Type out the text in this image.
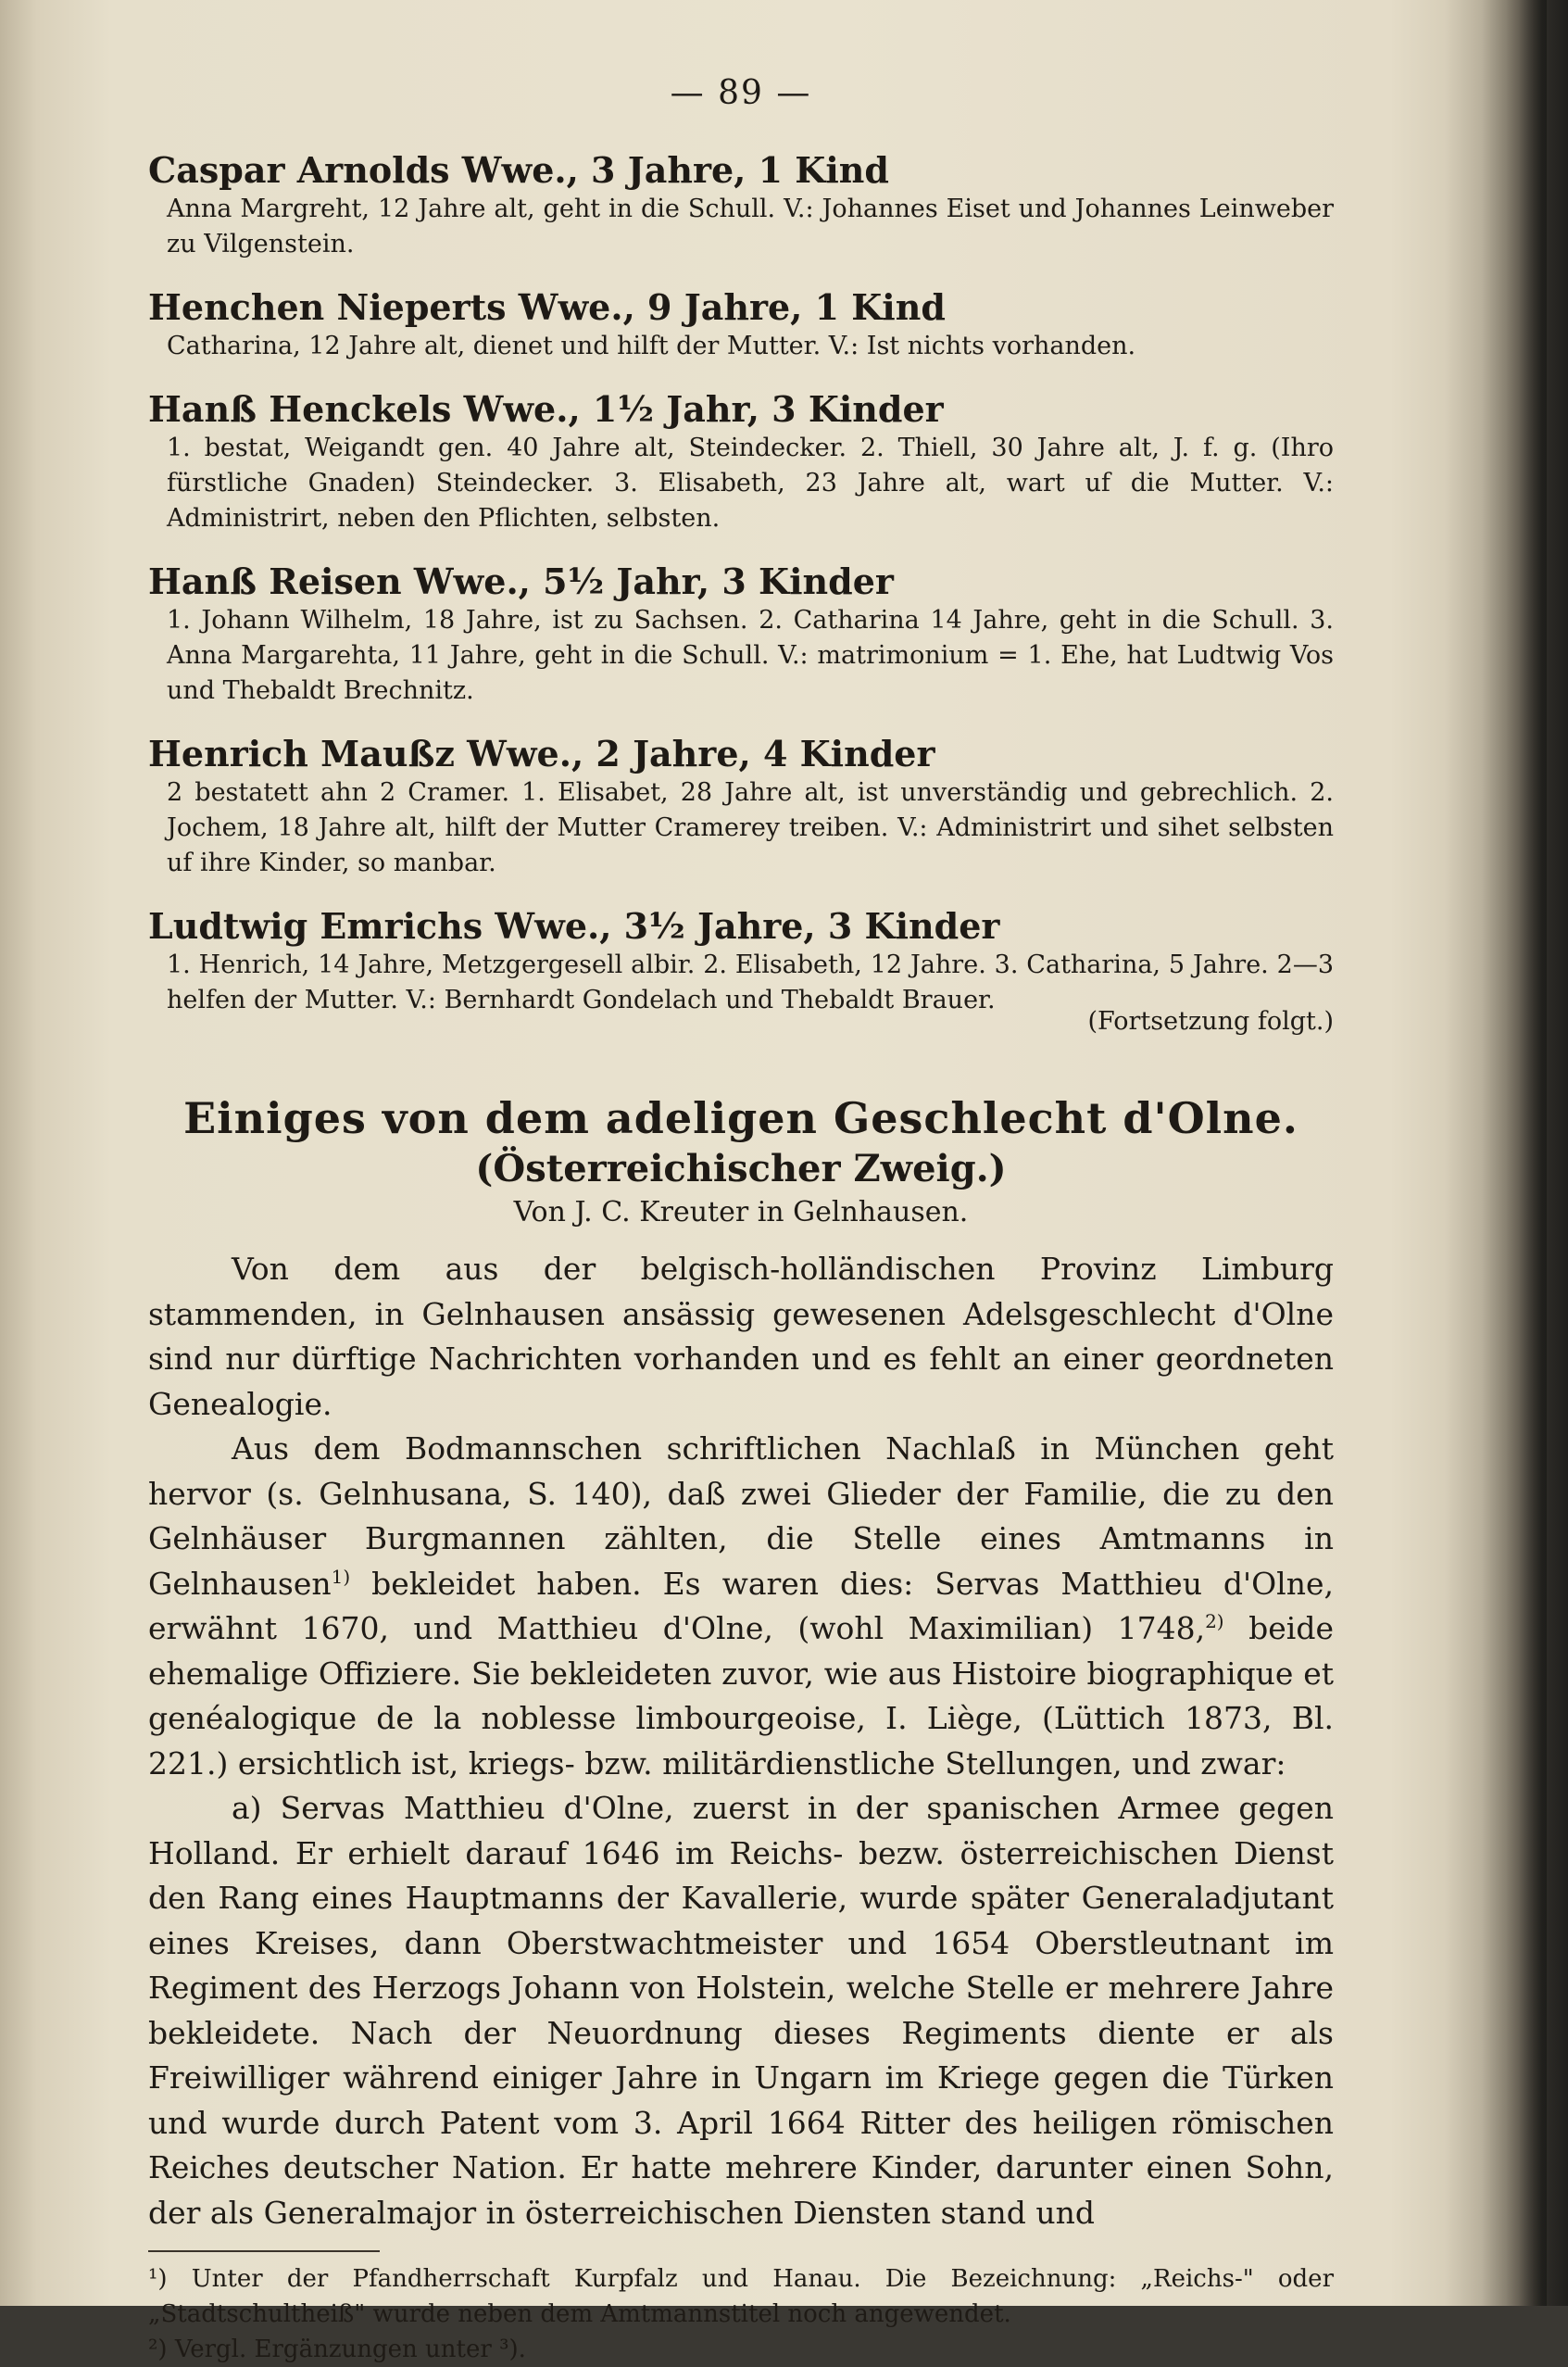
— 89 —
Caspar Arnolds Wwe., 3 Jahre, 1 Kind
Anna Margreht, 12 Jahre alt, geht in die Schull. V.: Johannes Eiset und Johannes Leinweber zu Vilgenstein.
Henchen Nieperts Wwe., 9 Jahre, 1 Kind
Catharina, 12 Jahre alt, dienet und hilft der Mutter. V.: Ist nichts vorhanden.
Hanß Henckels Wwe., 1½ Jahr, 3 Kinder
1. bestat, Weigandt gen. 40 Jahre alt, Steindecker. 2. Thiell, 30 Jahre alt, J. f. g. (Ihro fürstliche Gnaden) Steindecker. 3. Elisabeth, 23 Jahre alt, wart uf die Mutter. V.: Administrirt, neben den Pflichten, selbsten.
Hanß Reisen Wwe., 5½ Jahr, 3 Kinder
1. Johann Wilhelm, 18 Jahre, ist zu Sachsen. 2. Catharina 14 Jahre, geht in die Schull. 3. Anna Margarehta, 11 Jahre, geht in die Schull. V.: matrimonium = 1. Ehe, hat Ludtwig Vos und Thebaldt Brechnitz.
Henrich Maußz Wwe., 2 Jahre, 4 Kinder
2 bestatett ahn 2 Cramer. 1. Elisabet, 28 Jahre alt, ist unverständig und gebrechlich. 2. Jochem, 18 Jahre alt, hilft der Mutter Cramerey treiben. V.: Administrirt und sihet selbsten uf ihre Kinder, so manbar.
Ludtwig Emrichs Wwe., 3½ Jahre, 3 Kinder
1. Henrich, 14 Jahre, Metzgergesell albir. 2. Elisabeth, 12 Jahre. 3. Catharina, 5 Jahre. 2—3 helfen der Mutter. V.: Bernhardt Gondelach und Thebaldt Brauer.
(Fortsetzung folgt.)
Einiges von dem adeligen Geschlecht d'Olne.
(Österreichischer Zweig.)
Von J. C. Kreuter in Gelnhausen.

Von dem aus der belgisch-holländischen Provinz Limburg stammenden, in Gelnhausen ansässig gewesenen Adelsgeschlecht d'Olne sind nur dürftige Nachrichten vorhanden und es fehlt an einer geordneten Genealogie.

Aus dem Bodmannschen schriftlichen Nachlaß in München geht hervor (s. Gelnhusana, S. 140), daß zwei Glieder der Familie, die zu den Gelnhäuser Burgmannen zählten, die Stelle eines Amtmanns in Gelnhausen$^{1)}$ bekleidet haben. Es waren dies: Servas Matthieu d'Olne, erwähnt 1670, und Matthieu d'Olne, (wohl Maximilian) 1748,$^{2)}$ beide ehemalige Offiziere. Sie bekleideten zuvor, wie aus Histoire biographique et genéalogique de la noblesse limbourgeoise, I. Liège, (Lüttich 1873, Bl. 221.) ersichtlich ist, kriegs- bzw. militärdienstliche Stellungen, und zwar:

a) Servas Matthieu d'Olne, zuerst in der spanischen Armee gegen Holland. Er erhielt darauf 1646 im Reichs- bezw. österreichischen Dienst den Rang eines Hauptmanns der Kavallerie, wurde später Generaladjutant eines Kreises, dann Oberstwachtmeister und 1654 Oberstleutnant im Regiment des Herzogs Johann von Holstein, welche Stelle er mehrere Jahre bekleidete. Nach der Neuordnung dieses Regiments diente er als Freiwilliger während einiger Jahre in Ungarn im Kriege gegen die Türken und wurde durch Patent vom 3. April 1664 Ritter des heiligen römischen Reiches deutscher Nation. Er hatte mehrere Kinder, darunter einen Sohn, der als Generalmajor in österreichischen Diensten stand und

¹) Unter der Pfandherrschaft Kurpfalz und Hanau. Die Bezeichnung: „Reichs-" oder „Stadtschultheiß" wurde neben dem Amtmannstitel noch angewendet.
²) Vergl. Ergänzungen unter ³).
